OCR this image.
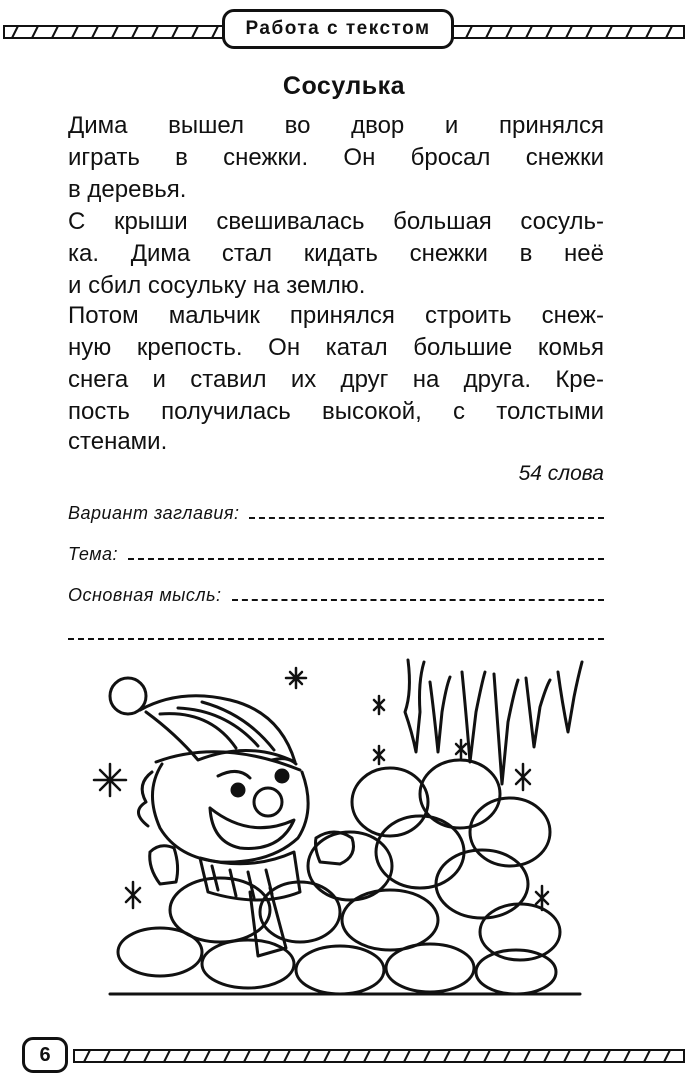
Работа с текстом
Сосулька
Дима вышел во двор и принялся
играть в снежки. Он бросал снежки
в деревья.
С крыши свешивалась большая сосуль-
ка. Дима стал кидать снежки в неё
и сбил сосульку на землю.
Потом мальчик принялся строить снеж-
ную крепость. Он катал большие комья
снега и ставил их друг на друга. Кре-
пость получилась высокой, с толстыми
стенами.
54 слова
Вариант заглавия:
Тема:
Основная мысль:
6
